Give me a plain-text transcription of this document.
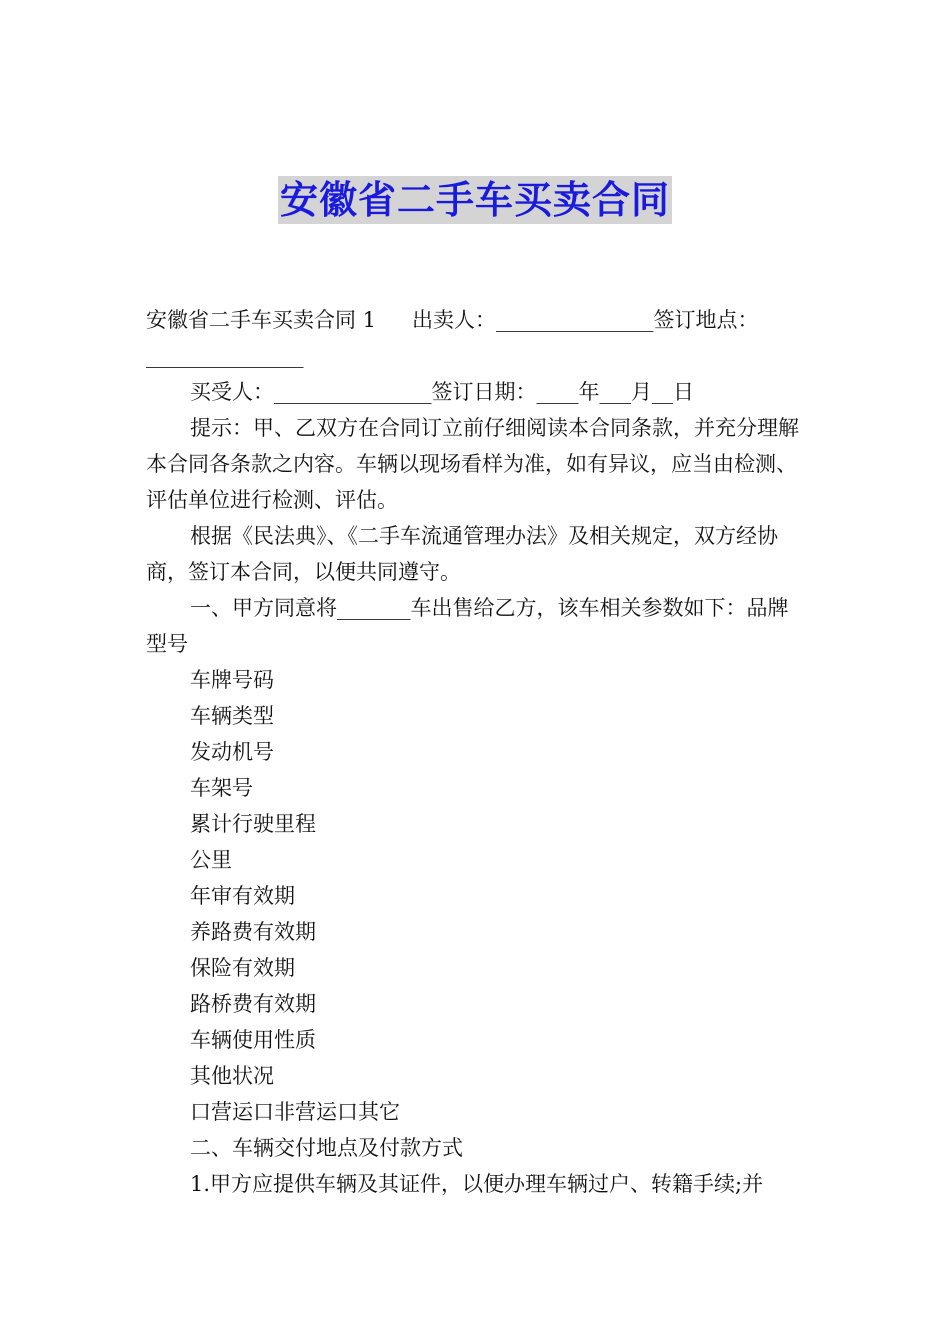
安徽省二手车买卖合同

安徽省二手车买卖合同 1 出卖人：_______________签订地点：_______________

买受人：_______________签订日期：____年___月__日

提示：甲、乙双方在合同订立前仔细阅读本合同条款，并充分理解本合同各条款之内容。车辆以现场看样为准，如有异议，应当由检测、评估单位进行检测、评估。

根据《民法典》、《二手车流通管理办法》及相关规定，双方经协商，签订本合同，以便共同遵守。

一、甲方同意将_______车出售给乙方，该车相关参数如下：品牌型号

车牌号码

车辆类型

发动机号

车架号

累计行驶里程

公里

年审有效期

养路费有效期

保险有效期

路桥费有效期

车辆使用性质

其他状况

口营运口非营运口其它

二、车辆交付地点及付款方式

1.甲方应提供车辆及其证件，以便办理车辆过户、转籍手续;并
